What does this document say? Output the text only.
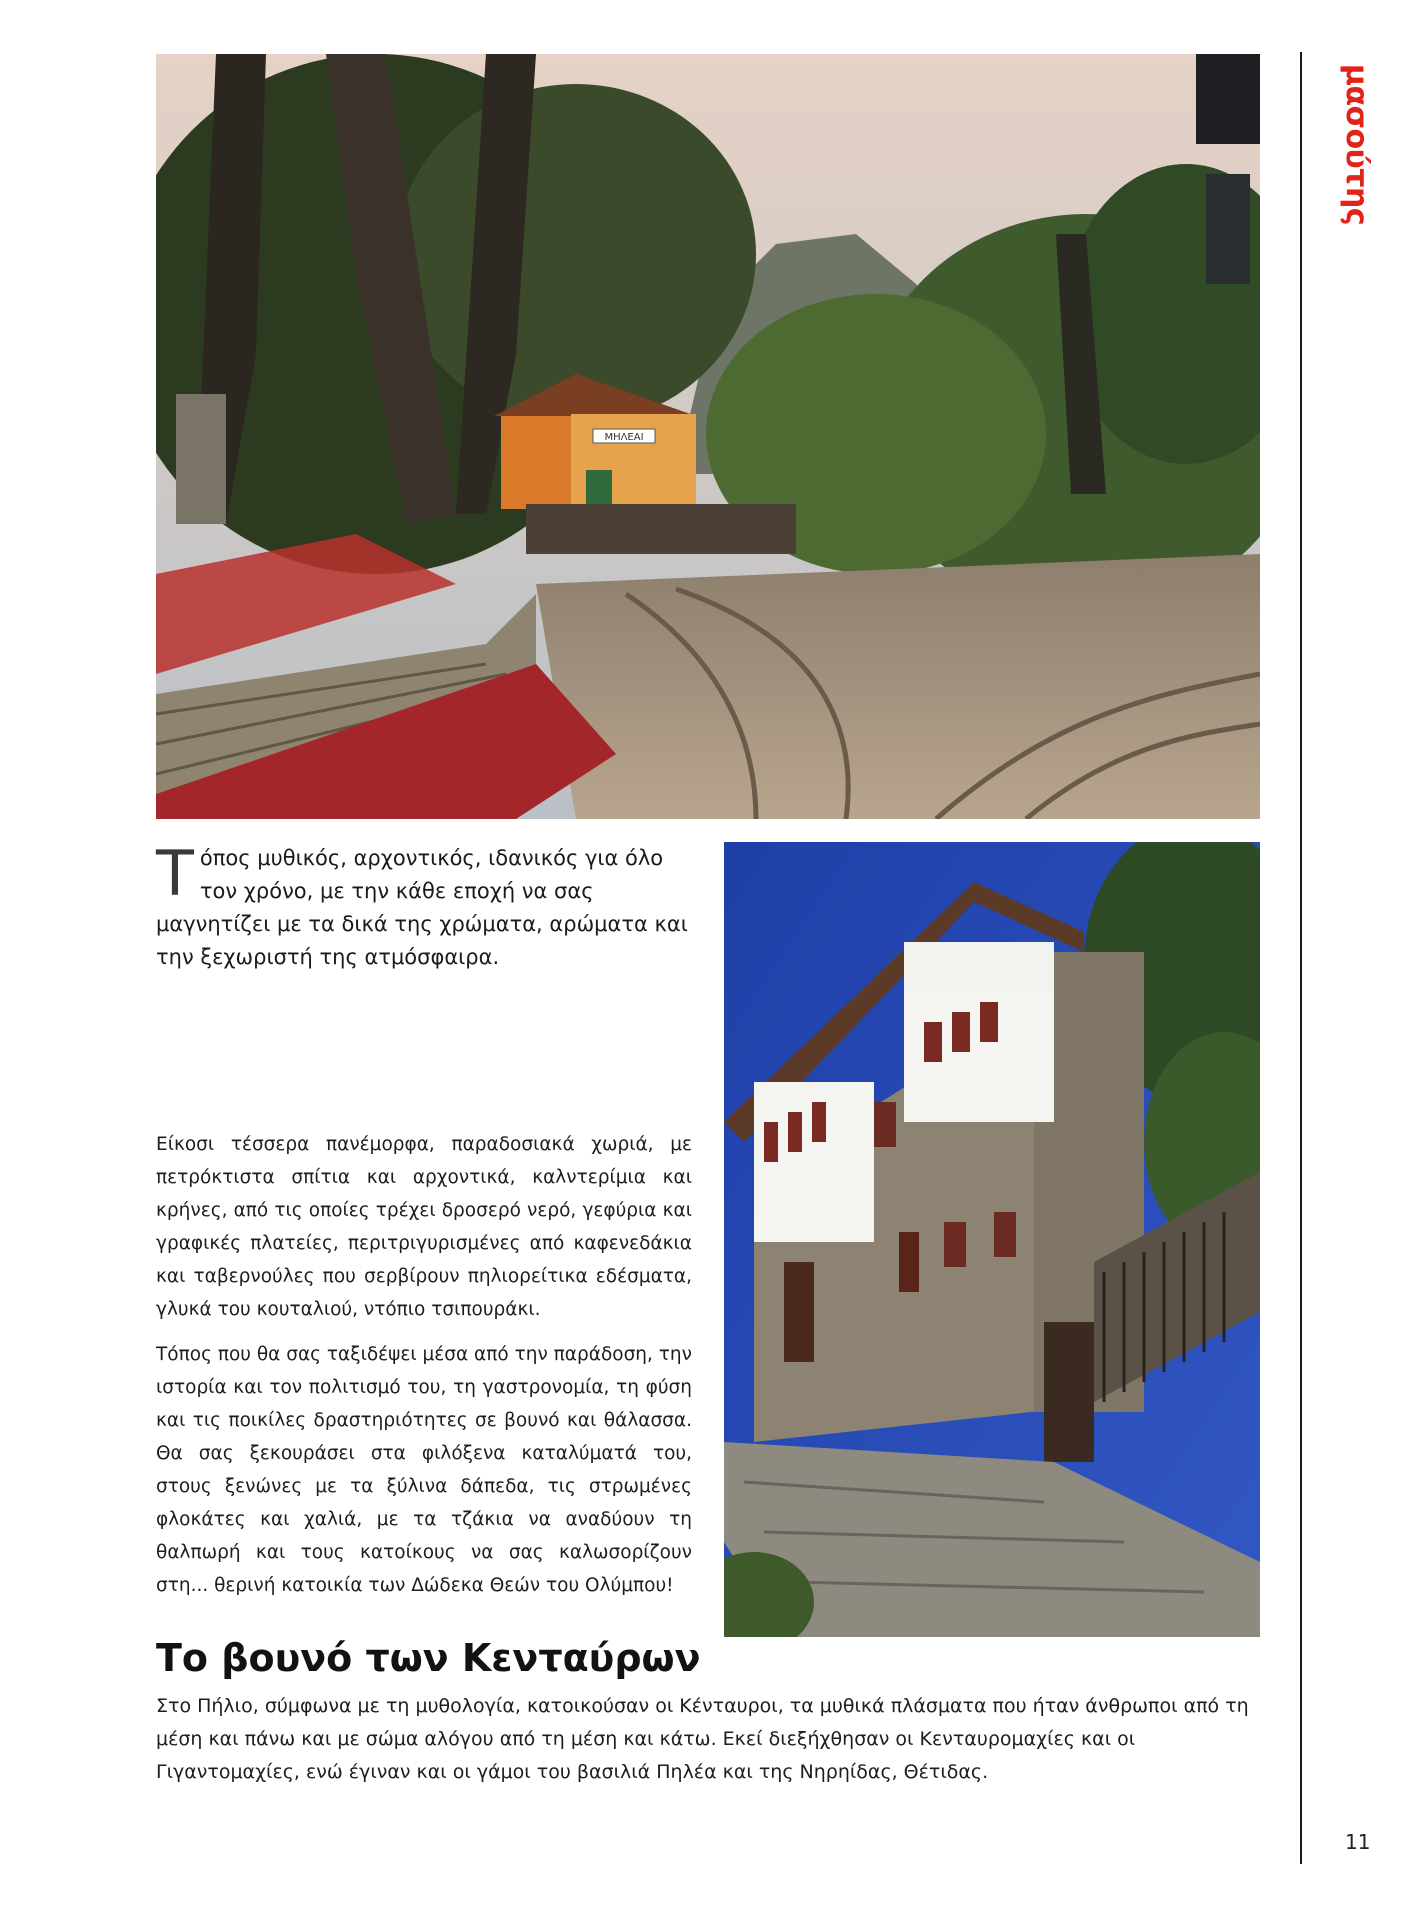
ΜΗΛΕΑΙ
Τόπος μυθικός, αρχοντικός, ιδανικός για όλο τον χρόνο, με την κάθε εποχή να σας μαγνητίζει με τα δικά της χρώματα, αρώματα και την ξεχωριστή της ατμόσφαιρα.

Είκοσι τέσσερα πανέμορφα, παραδοσιακά χωριά, με πετρόκτιστα σπίτια και αρχοντικά, καλντερίμια και κρήνες, από τις οποίες τρέχει δροσερό νερό, γεφύρια και γραφικές πλατείες, περιτριγυρισμένες από καφενεδάκια και ταβερνούλες που σερβίρουν πηλιορείτικα εδέσματα, γλυκά του κουταλιού, ντόπιο τσιπουράκι.

Τόπος που θα σας ταξιδέψει μέσα από την παράδοση, την ιστορία και τον πολιτισμό του, τη γαστρονομία, τη φύση και τις ποικίλες δραστηριότητες σε βουνό και θάλασσα. Θα σας ξεκουράσει στα φιλόξενα καταλύματά του, στους ξενώνες με τα ξύλινα δάπεδα, τις στρωμένες φλοκάτες και χαλιά, με τα τζάκια να αναδύουν τη θαλπωρή και τους κατοίκους να σας καλωσορίζουν στη... θερινή κατοικία των Δώδεκα Θεών του Ολύμπου!

Το βουνό των Κενταύρων

Στο Πήλιο, σύμφωνα με τη μυθολογία, κατοικούσαν οι Κένταυροι, τα μυθικά πλάσματα που ήταν άνθρωποι από τη μέση και πάνω και με σώμα αλόγου από τη μέση και κάτω. Εκεί διεξήχθησαν οι Κενταυρομαχίες και οι Γιγαντομαχίες, ενώ έγιναν και οι γάμοι του βασιλιά Πηλέα και της Νηρηίδας, Θέτιδας.

μασούτης
11
